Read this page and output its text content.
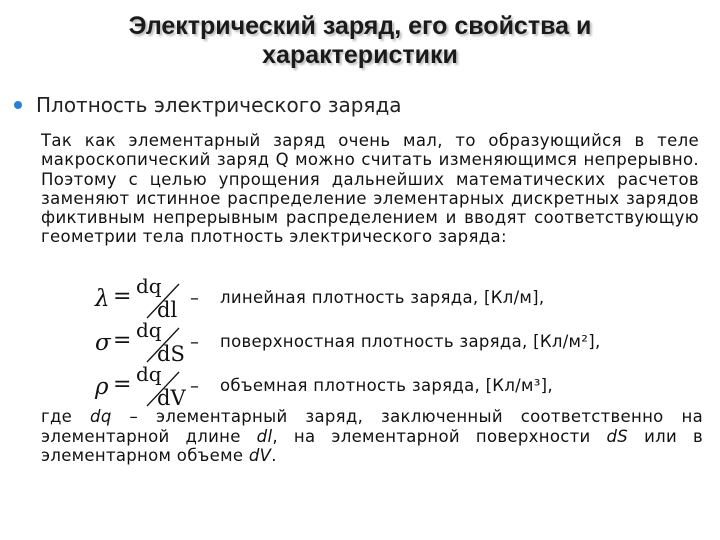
Электрический заряд, его свойства и
характеристики
Плотность электрического заряда
Так как элементарный заряд очень мал, то образующийся в теле макроскопический заряд Q можно считать изменяющимся непрерывно. Поэтому с целью упрощения дальнейших математических расчетов заменяют истинное распределение элементарных дискретных зарядов фиктивным непрерывным распределением и вводят соответствующую геометрии тела плотность электрического заряда:
λ = dq
dl – линейная плотность заряда, [Кл/м],
σ = dq
dS – поверхностная плотность заряда, [Кл/м²],
ρ = dq
dV – объемная плотность заряда, [Кл/м³],
где dq – элементарный заряд, заключенный соответственно на элементарной длине dl, на элементарной поверхности dS или в элементарном объеме dV.
